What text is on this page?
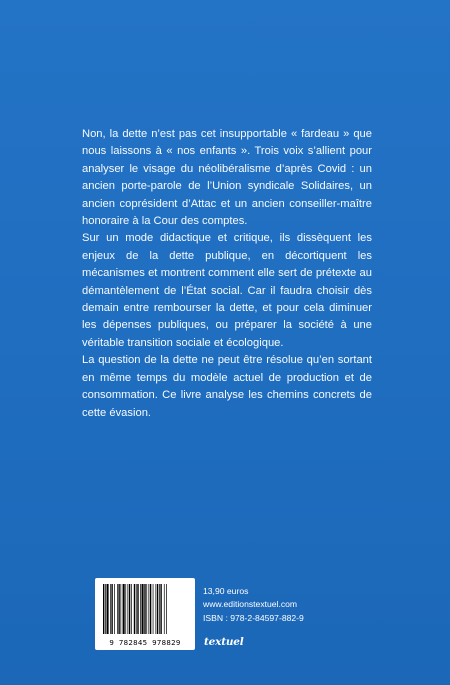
Non, la dette n’est pas cet insupportable « fardeau » que nous laissons à « nos enfants ». Trois voix s’allient pour analyser le visage du néolibéralisme d’après Covid : un ancien porte-parole de l’Union syndicale Solidaires, un ancien coprésident d’Attac et un ancien conseiller-maître honoraire à la Cour des comptes.

Sur un mode didactique et critique, ils dissèquent les enjeux de la dette publique, en décortiquent les mécanismes et montrent comment elle sert de prétexte au démantèlement de l’État social. Car il faudra choisir dès demain entre rembourser la dette, et pour cela diminuer les dépenses publiques, ou préparer la société à une véritable transition sociale et écologique.

La question de la dette ne peut être résolue qu’en sortant en même temps du modèle actuel de production et de consommation. Ce livre analyse les chemins concrets de cette évasion.

9 782845 978829
13,90 euros
www.editionstextuel.com
ISBN : 978-2-84597-882-9
textuel
